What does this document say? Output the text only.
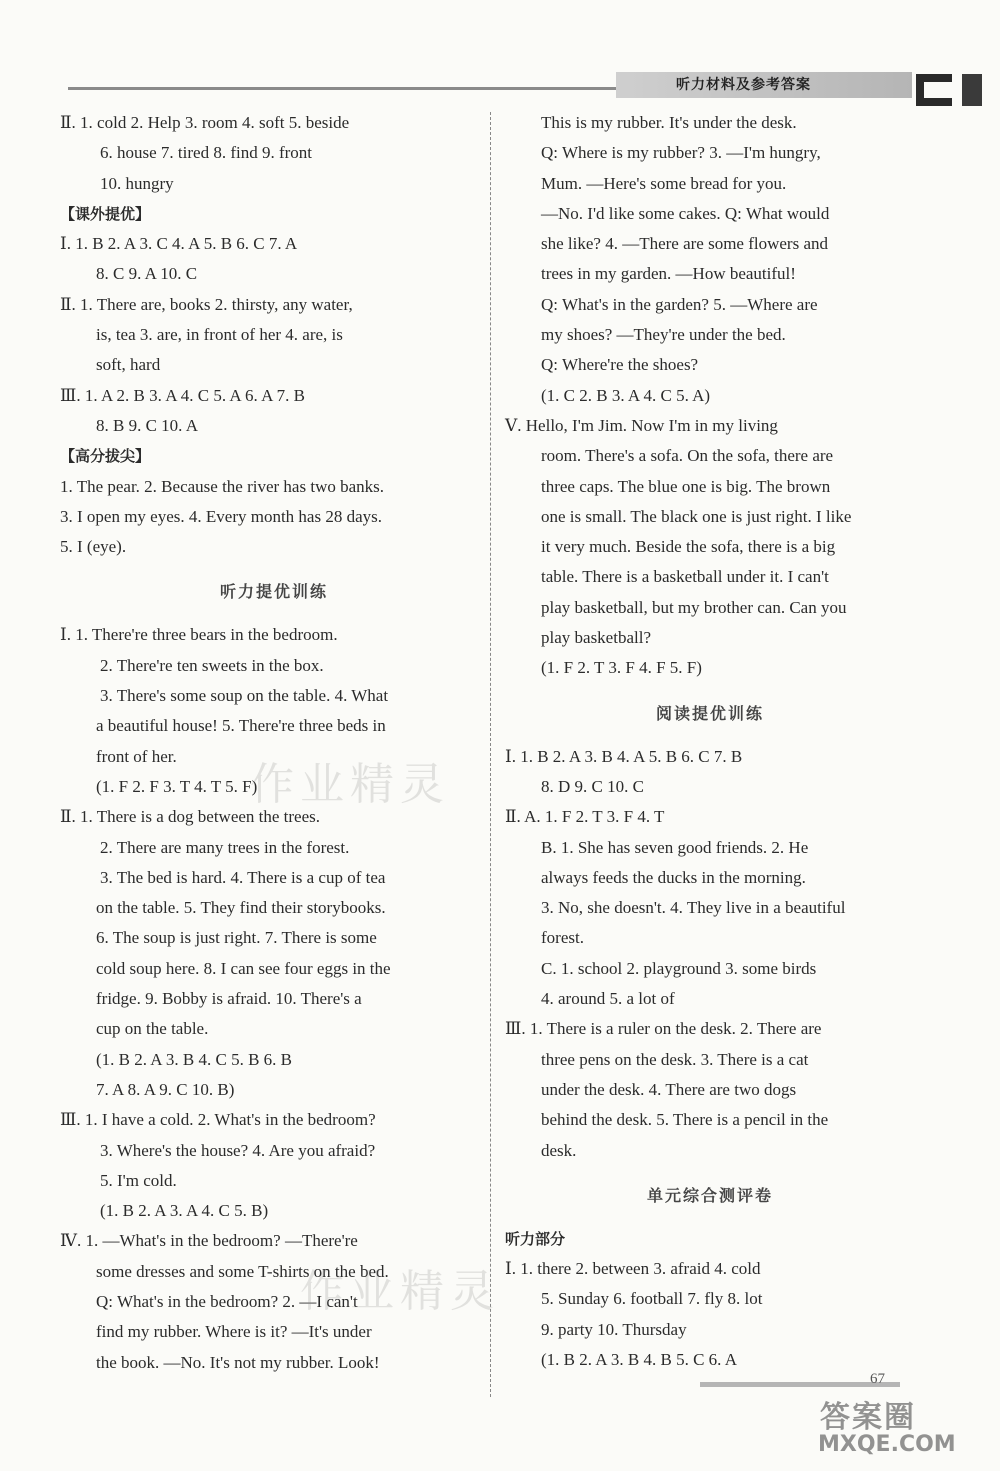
听力材料及参考答案
Ⅱ. 1. cold 2. Help 3. room 4. soft 5. beside
6. house 7. tired 8. find 9. front
10. hungry
【课外提优】
Ⅰ. 1. B 2. A 3. C 4. A 5. B 6. C 7. A
8. C 9. A 10. C
Ⅱ. 1. There are, books 2. thirsty, any water,
is, tea 3. are, in front of her 4. are, is
soft, hard
Ⅲ. 1. A 2. B 3. A 4. C 5. A 6. A 7. B
8. B 9. C 10. A
【高分拔尖】
1. The pear. 2. Because the river has two banks.
3. I open my eyes. 4. Every month has 28 days.
5. I (eye).
听力提优训练
Ⅰ. 1. There're three bears in the bedroom.
2. There're ten sweets in the box.
3. There's some soup on the table. 4. What
a beautiful house! 5. There're three beds in
front of her.
(1. F 2. F 3. T 4. T 5. F)
Ⅱ. 1. There is a dog between the trees.
2. There are many trees in the forest.
3. The bed is hard. 4. There is a cup of tea
on the table. 5. They find their storybooks.
6. The soup is just right. 7. There is some
cold soup here. 8. I can see four eggs in the
fridge. 9. Bobby is afraid. 10. There's a
cup on the table.
(1. B 2. A 3. B 4. C 5. B 6. B
7. A 8. A 9. C 10. B)
Ⅲ. 1. I have a cold. 2. What's in the bedroom?
3. Where's the house? 4. Are you afraid?
5. I'm cold.
(1. B 2. A 3. A 4. C 5. B)
Ⅳ. 1. —What's in the bedroom? —There're
some dresses and some T-shirts on the bed.
Q: What's in the bedroom? 2. —I can't
find my rubber. Where is it? —It's under
the book. —No. It's not my rubber. Look!
This is my rubber. It's under the desk.
Q: Where is my rubber? 3. —I'm hungry,
Mum. —Here's some bread for you.
—No. I'd like some cakes. Q: What would
she like? 4. —There are some flowers and
trees in my garden. —How beautiful!
Q: What's in the garden? 5. —Where are
my shoes? —They're under the bed.
Q: Where're the shoes?
(1. C 2. B 3. A 4. C 5. A)
Ⅴ. Hello, I'm Jim. Now I'm in my living
room. There's a sofa. On the sofa, there are
three caps. The blue one is big. The brown
one is small. The black one is just right. I like
it very much. Beside the sofa, there is a big
table. There is a basketball under it. I can't
play basketball, but my brother can. Can you
play basketball?
(1. F 2. T 3. F 4. F 5. F)
阅读提优训练
Ⅰ. 1. B 2. A 3. B 4. A 5. B 6. C 7. B
8. D 9. C 10. C
Ⅱ. A. 1. F 2. T 3. F 4. T
B. 1. She has seven good friends. 2. He
always feeds the ducks in the morning.
3. No, she doesn't. 4. They live in a beautiful
forest.
C. 1. school 2. playground 3. some birds
4. around 5. a lot of
Ⅲ. 1. There is a ruler on the desk. 2. There are
three pens on the desk. 3. There is a cat
under the desk. 4. There are two dogs
behind the desk. 5. There is a pencil in the
desk.
单元综合测评卷
听力部分
Ⅰ. 1. there 2. between 3. afraid 4. cold
5. Sunday 6. football 7. fly 8. lot
9. party 10. Thursday
(1. B 2. A 3. B 4. B 5. C 6. A
作业精灵
作业精灵
67
答案圈
MXQE.COM
